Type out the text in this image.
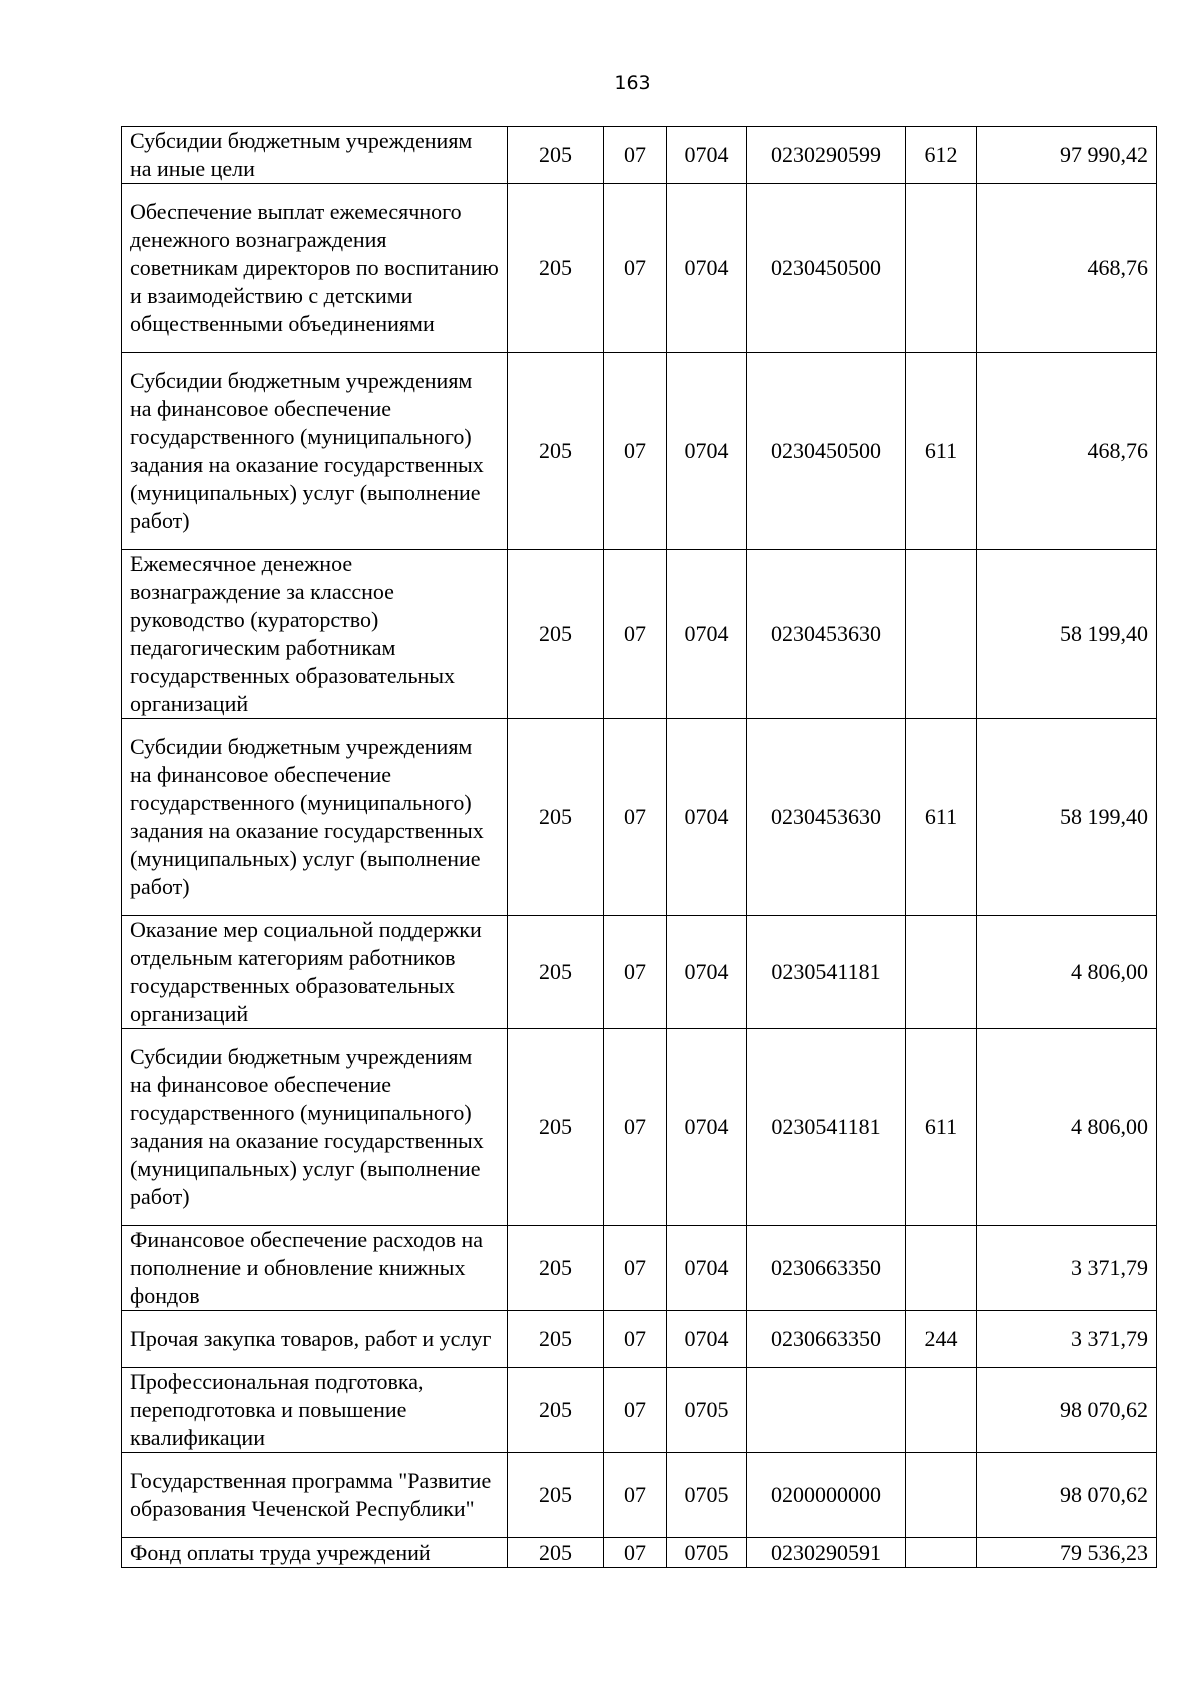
163
Субсидии бюджетным учреждениям на иные цели	205	07	0704	0230290599	612	97 990,42
Обеспечение выплат ежемесячного денежного вознаграждения советникам директоров по воспитанию и взаимодействию с детскими общественными объединениями	205	07	0704	0230450500		468,76
Субсидии бюджетным учреждениям на финансовое обеспечение государственного (муниципального) задания на оказание государственных (муниципальных) услуг (выполнение работ)	205	07	0704	0230450500	611	468,76
Ежемесячное денежное вознаграждение за классное руководство (кураторство) педагогическим работникам государственных образовательных организаций	205	07	0704	0230453630		58 199,40
Субсидии бюджетным учреждениям на финансовое обеспечение государственного (муниципального) задания на оказание государственных (муниципальных) услуг (выполнение работ)	205	07	0704	0230453630	611	58 199,40
Оказание мер социальной поддержки отдельным категориям работников государственных образовательных организаций	205	07	0704	0230541181		4 806,00
Субсидии бюджетным учреждениям на финансовое обеспечение государственного (муниципального) задания на оказание государственных (муниципальных) услуг (выполнение работ)	205	07	0704	0230541181	611	4 806,00
Финансовое обеспечение расходов на пополнение и обновление книжных фондов	205	07	0704	0230663350		3 371,79
Прочая закупка товаров, работ и услуг	205	07	0704	0230663350	244	3 371,79
Профессиональная подготовка, переподготовка и повышение квалификации	205	07	0705			98 070,62
Государственная программа "Развитие образования Чеченской Республики"	205	07	0705	0200000000		98 070,62
Фонд оплаты труда учреждений	205	07	0705	0230290591		79 536,23
